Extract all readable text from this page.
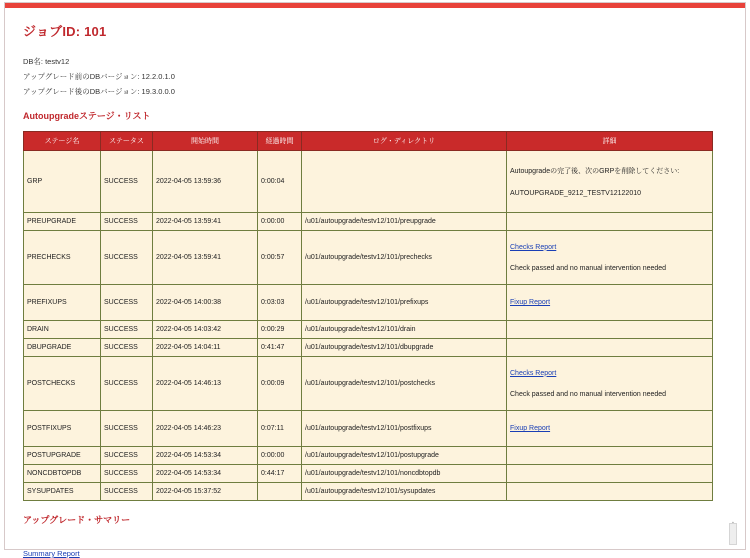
ジョブID: 101
DB名: testv12
アップグレード前のDBバージョン: 12.2.0.1.0
アップグレード後のDBバージョン: 19.3.0.0.0
Autoupgradeステージ・リスト
ステージ名	ステータス	開始時間	経過時間	ログ・ディレクトリ	詳細
GRP	SUCCESS	2022-04-05 13:59:36	0:00:04		Autoupgradeの完了後、次のGRPを削除してください:
AUTOUPGRADE_9212_TESTV12122010

PREUPGRADE	SUCCESS	2022-04-05 13:59:41	0:00:00	/u01/autoupgrade/testv12/101/preupgrade	
PRECHECKS	SUCCESS	2022-04-05 13:59:41	0:00:57	/u01/autoupgrade/testv12/101/prechecks	Checks Report
Check passed and no manual intervention needed

PREFIXUPS	SUCCESS	2022-04-05 14:00:38	0:03:03	/u01/autoupgrade/testv12/101/prefixups	Fixup Report

DRAIN	SUCCESS	2022-04-05 14:03:42	0:00:29	/u01/autoupgrade/testv12/101/drain	
DBUPGRADE	SUCCESS	2022-04-05 14:04:11	0:41:47	/u01/autoupgrade/testv12/101/dbupgrade	
POSTCHECKS	SUCCESS	2022-04-05 14:46:13	0:00:09	/u01/autoupgrade/testv12/101/postchecks	Checks Report
Check passed and no manual intervention needed

POSTFIXUPS	SUCCESS	2022-04-05 14:46:23	0:07:11	/u01/autoupgrade/testv12/101/postfixups	Fixup Report

POSTUPGRADE	SUCCESS	2022-04-05 14:53:34	0:00:00	/u01/autoupgrade/testv12/101/postupgrade	
NONCDBTOPDB	SUCCESS	2022-04-05 14:53:34	0:44:17	/u01/autoupgrade/testv12/101/noncdbtopdb	
SYSUPDATES	SUCCESS	2022-04-05 15:37:52		/u01/autoupgrade/testv12/101/sysupdates	
アップグレード・サマリー
Summary Report
